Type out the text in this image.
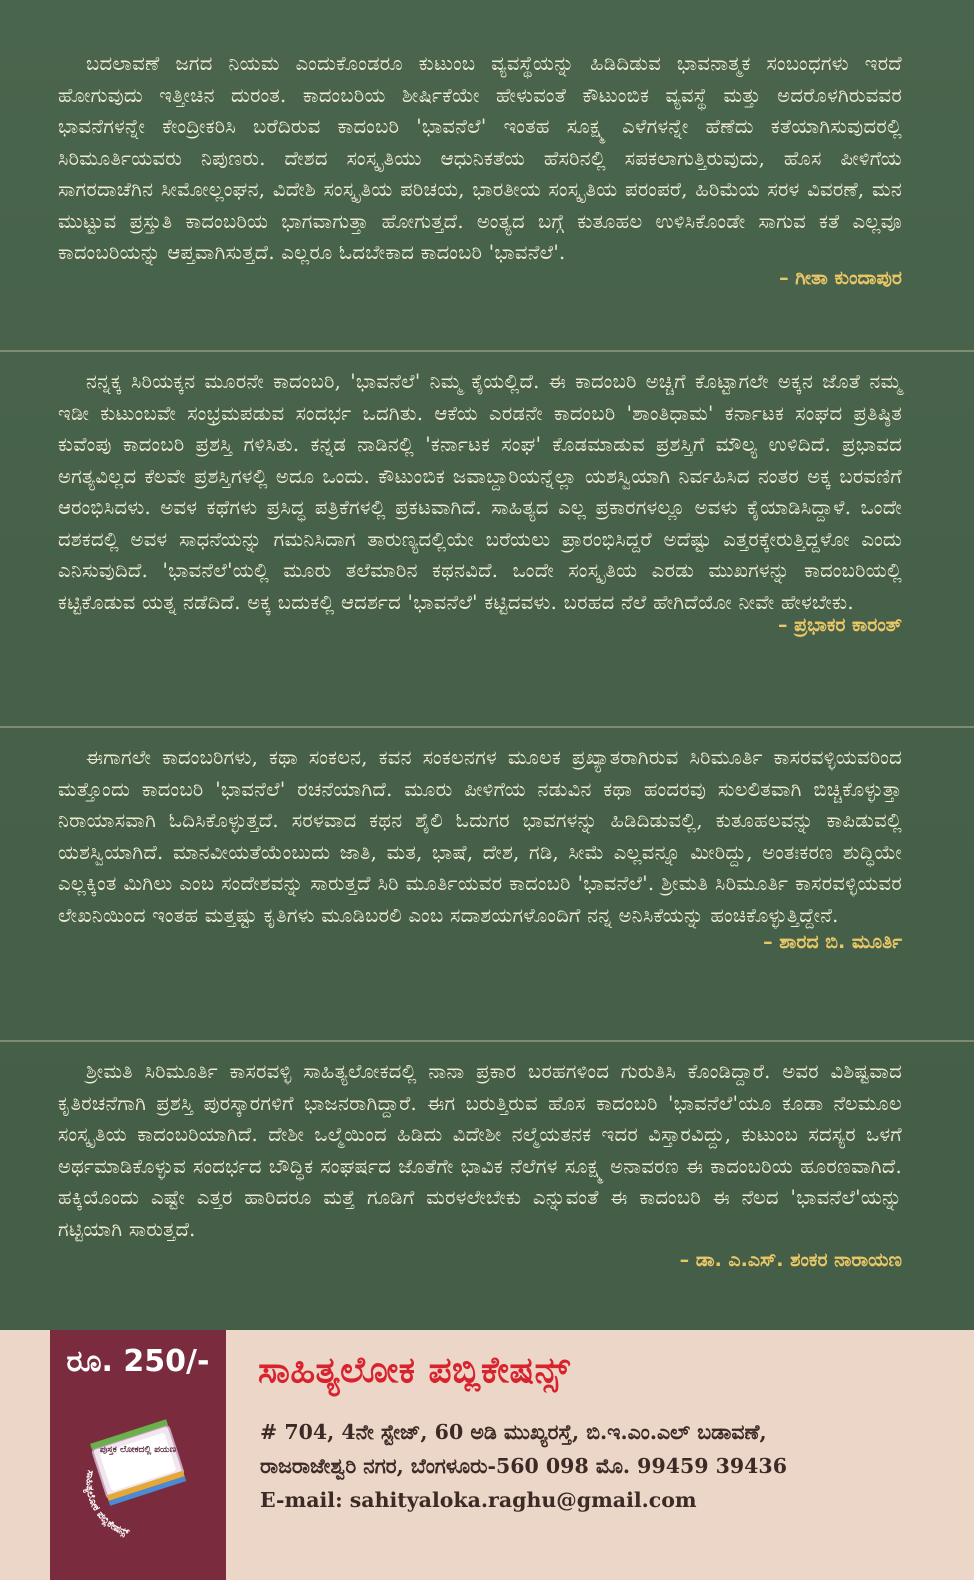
ಬದಲಾವಣೆ ಜಗದ ನಿಯಮ ಎಂದುಕೊಂಡರೂ ಕುಟುಂಬ ವ್ಯವಸ್ಥೆಯನ್ನು ಹಿಡಿದಿಡುವ ಭಾವನಾತ್ಮಕ ಸಂಬಂಧಗಳು ಇರದೆ ಹೋಗುವುದು ಇತ್ತೀಚಿನ ದುರಂತ. ಕಾದಂಬರಿಯ ಶೀರ್ಷಿಕೆಯೇ ಹೇಳುವಂತೆ ಕೌಟುಂಬಿಕ ವ್ಯವಸ್ಥೆ ಮತ್ತು ಅದರೊಳಗಿರುವವರ ಭಾವನೆಗಳನ್ನೇ ಕೇಂದ್ರೀಕರಿಸಿ ಬರೆದಿರುವ ಕಾದಂಬರಿ 'ಭಾವನೆಲೆ' ಇಂತಹ ಸೂಕ್ಷ್ಮ ಎಳೆಗಳನ್ನೇ ಹೆಣೆದು ಕತೆಯಾಗಿಸುವುದರಲ್ಲಿ ಸಿರಿಮೂರ್ತಿಯವರು ನಿಪುಣರು. ದೇಶದ ಸಂಸ್ಕೃತಿಯು ಆಧುನಿಕತೆಯ ಹೆಸರಿನಲ್ಲಿ ಸಪಕಲಾಗುತ್ತಿರುವುದು, ಹೊಸ ಪೀಳಿಗೆಯ ಸಾಗರದಾಚೆಗಿನ ಸೀಮೋಲ್ಲಂಘನ, ವಿದೇಶಿ ಸಂಸ್ಕೃತಿಯ ಪರಿಚಯ, ಭಾರತೀಯ ಸಂಸ್ಕೃತಿಯ ಪರಂಪರೆ, ಹಿರಿಮೆಯ ಸರಳ ವಿವರಣೆ, ಮನ ಮುಟ್ಟುವ ಪ್ರಸ್ತುತಿ ಕಾದಂಬರಿಯ ಭಾಗವಾಗುತ್ತಾ ಹೋಗುತ್ತದೆ. ಅಂತ್ಯದ ಬಗ್ಗೆ ಕುತೂಹಲ ಉಳಿಸಿಕೊಂಡೇ ಸಾಗುವ ಕತೆ ಎಲ್ಲವೂ ಕಾದಂಬರಿಯನ್ನು ಆಪ್ತವಾಗಿಸುತ್ತದೆ. ಎಲ್ಲರೂ ಓದಬೇಕಾದ ಕಾದಂಬರಿ 'ಭಾವನೆಲೆ'.

– ಗೀತಾ ಕುಂದಾಪುರ

ನನ್ನಕ್ಕ ಸಿರಿಯಕ್ಕನ ಮೂರನೇ ಕಾದಂಬರಿ, 'ಭಾವನೆಲೆ' ನಿಮ್ಮ ಕೈಯಲ್ಲಿದೆ. ಈ ಕಾದಂಬರಿ ಅಚ್ಚಿಗೆ ಕೊಟ್ಟಾಗಲೇ ಅಕ್ಕನ ಜೊತೆ ನಮ್ಮ ಇಡೀ ಕುಟುಂಬವೇ ಸಂಭ್ರಮಪಡುವ ಸಂದರ್ಭ ಒದಗಿತು. ಆಕೆಯ ಎರಡನೇ ಕಾದಂಬರಿ 'ಶಾಂತಿಧಾಮ' ಕರ್ನಾಟಕ ಸಂಘದ ಪ್ರತಿಷ್ಠಿತ ಕುವೆಂಪು ಕಾದಂಬರಿ ಪ್ರಶಸ್ತಿ ಗಳಿಸಿತು. ಕನ್ನಡ ನಾಡಿನಲ್ಲಿ 'ಕರ್ನಾಟಕ ಸಂಘ' ಕೊಡಮಾಡುವ ಪ್ರಶಸ್ತಿಗೆ ಮೌಲ್ಯ ಉಳಿದಿದೆ. ಪ್ರಭಾವದ ಅಗತ್ಯವಿಲ್ಲದ ಕೆಲವೇ ಪ್ರಶಸ್ತಿಗಳಲ್ಲಿ ಅದೂ ಒಂದು. ಕೌಟುಂಬಿಕ ಜವಾಬ್ದಾರಿಯನ್ನೆಲ್ಲಾ ಯಶಸ್ವಿಯಾಗಿ ನಿರ್ವಹಿಸಿದ ನಂತರ ಅಕ್ಕ ಬರವಣಿಗೆ ಆರಂಭಿಸಿದಳು. ಅವಳ ಕಥೆಗಳು ಪ್ರಸಿದ್ಧ ಪತ್ರಿಕೆಗಳಲ್ಲಿ ಪ್ರಕಟವಾಗಿದೆ. ಸಾಹಿತ್ಯದ ಎಲ್ಲ ಪ್ರಕಾರಗಳಲ್ಲೂ ಅವಳು ಕೈಯಾಡಿಸಿದ್ದಾಳೆ. ಒಂದೇ ದಶಕದಲ್ಲಿ ಅವಳ ಸಾಧನೆಯನ್ನು ಗಮನಿಸಿದಾಗ ತಾರುಣ್ಯದಲ್ಲಿಯೇ ಬರೆಯಲು ಪ್ರಾರಂಭಿಸಿದ್ದರೆ ಅದೆಷ್ಟು ಎತ್ತರಕ್ಕೇರುತ್ತಿದ್ದಳೋ ಎಂದು ಎನಿಸುವುದಿದೆ. 'ಭಾವನೆಲೆ'ಯಲ್ಲಿ ಮೂರು ತಲೆಮಾರಿನ ಕಥನವಿದೆ. ಒಂದೇ ಸಂಸ್ಕೃತಿಯ ಎರಡು ಮುಖಗಳನ್ನು ಕಾದಂಬರಿಯಲ್ಲಿ ಕಟ್ಟಿಕೊಡುವ ಯತ್ನ ನಡೆದಿದೆ. ಅಕ್ಕ ಬದುಕಲ್ಲಿ ಆದರ್ಶದ 'ಭಾವನೆಲೆ' ಕಟ್ಟಿದವಳು. ಬರಹದ ನೆಲೆ ಹೇಗಿದೆಯೋ ನೀವೇ ಹೇಳಬೇಕು.

– ಪ್ರಭಾಕರ ಕಾರಂತ್

ಈಗಾಗಲೇ ಕಾದಂಬರಿಗಳು, ಕಥಾ ಸಂಕಲನ, ಕವನ ಸಂಕಲನಗಳ ಮೂಲಕ ಪ್ರಖ್ಯಾತರಾಗಿರುವ ಸಿರಿಮೂರ್ತಿ ಕಾಸರವಳ್ಳಿಯವರಿಂದ ಮತ್ತೊಂದು ಕಾದಂಬರಿ 'ಭಾವನೆಲೆ' ರಚನೆಯಾಗಿದೆ. ಮೂರು ಪೀಳಿಗೆಯ ನಡುವಿನ ಕಥಾ ಹಂದರವು ಸುಲಲಿತವಾಗಿ ಬಿಚ್ಚಿಕೊಳ್ಳುತ್ತಾ ನಿರಾಯಾಸವಾಗಿ ಓದಿಸಿಕೊಳ್ಳುತ್ತದೆ. ಸರಳವಾದ ಕಥನ ಶೈಲಿ ಓದುಗರ ಭಾವಗಳನ್ನು ಹಿಡಿದಿಡುವಲ್ಲಿ, ಕುತೂಹಲವನ್ನು ಕಾಪಿಡುವಲ್ಲಿ ಯಶಸ್ವಿಯಾಗಿದೆ. ಮಾನವೀಯತೆಯೆಂಬುದು ಜಾತಿ, ಮತ, ಭಾಷೆ, ದೇಶ, ಗಡಿ, ಸೀಮೆ ಎಲ್ಲವನ್ನೂ ಮೀರಿದ್ದು, ಅಂತಃಕರಣ ಶುದ್ಧಿಯೇ ಎಲ್ಲಕ್ಕಿಂತ ಮಿಗಿಲು ಎಂಬ ಸಂದೇಶವನ್ನು ಸಾರುತ್ತದೆ ಸಿರಿ ಮೂರ್ತಿಯವರ ಕಾದಂಬರಿ 'ಭಾವನೆಲೆ'. ಶ್ರೀಮತಿ ಸಿರಿಮೂರ್ತಿ ಕಾಸರವಳ್ಳಿಯವರ ಲೇಖನಿಯಿಂದ ಇಂತಹ ಮತ್ತಷ್ಟು ಕೃತಿಗಳು ಮೂಡಿಬರಲಿ ಎಂಬ ಸದಾಶಯಗಳೊಂದಿಗೆ ನನ್ನ ಅನಿಸಿಕೆಯನ್ನು ಹಂಚಿಕೊಳ್ಳುತ್ತಿದ್ದೇನೆ.

– ಶಾರದ ಬಿ. ಮೂರ್ತಿ

ಶ್ರೀಮತಿ ಸಿರಿಮೂರ್ತಿ ಕಾಸರವಳ್ಳಿ ಸಾಹಿತ್ಯಲೋಕದಲ್ಲಿ ನಾನಾ ಪ್ರಕಾರ ಬರಹಗಳಿಂದ ಗುರುತಿಸಿ ಕೊಂಡಿದ್ದಾರೆ. ಅವರ ವಿಶಿಷ್ಟವಾದ ಕೃತಿರಚನೆಗಾಗಿ ಪ್ರಶಸ್ತಿ ಪುರಸ್ಕಾರಗಳಿಗೆ ಭಾಜನರಾಗಿದ್ದಾರೆ. ಈಗ ಬರುತ್ತಿರುವ ಹೊಸ ಕಾದಂಬರಿ 'ಭಾವನೆಲೆ'ಯೂ ಕೂಡಾ ನೆಲಮೂಲ ಸಂಸ್ಕೃತಿಯ ಕಾದಂಬರಿಯಾಗಿದೆ. ದೇಶೀ ಒಲ್ಮೆಯಿಂದ ಹಿಡಿದು ವಿದೇಶೀ ನಲ್ಮೆಯತನಕ ಇದರ ವಿಸ್ತಾರವಿದ್ದು, ಕುಟುಂಬ ಸದಸ್ಯರ ಒಳಗೆ ಅರ್ಥಮಾಡಿಕೊಳ್ಳುವ ಸಂದರ್ಭದ ಬೌದ್ಧಿಕ ಸಂಘರ್ಷದ ಜೊತೆಗೇ ಭಾವಿಕ ನೆಲೆಗಳ ಸೂಕ್ಷ್ಮ ಅನಾವರಣ ಈ ಕಾದಂಬರಿಯ ಹೂರಣವಾಗಿದೆ. ಹಕ್ಕಿಯೊಂದು ಎಷ್ಟೇ ಎತ್ತರ ಹಾರಿದರೂ ಮತ್ತೆ ಗೂಡಿಗೆ ಮರಳಲೇಬೇಕು ಎನ್ನುವಂತೆ ಈ ಕಾದಂಬರಿ ಈ ನೆಲದ 'ಭಾವನೆಲೆ'ಯನ್ನು ಗಟ್ಟಿಯಾಗಿ ಸಾರುತ್ತದೆ.

– ಡಾ. ಎ.ಎಸ್. ಶಂಕರ ನಾರಾಯಣ

ರೂ. 250/-
ಪುಸ್ತಕ ಲೋಕದಲ್ಲಿ ಪಯಣ
ಸಾಹಿತ್ಯಲೋಕ ಪಬ್ಲಿಕೇಷನ್ಸ್
ಸಾಹಿತ್ಯಲೋಕ ಪಬ್ಲಿಕೇಷನ್ಸ್
# 704, 4ನೇ ಸ್ಟೇಜ್, 60 ಅಡಿ ಮುಖ್ಯರಸ್ತೆ, ಬಿ.ಇ.ಎಂ.ಎಲ್ ಬಡಾವಣೆ,
ರಾಜರಾಜೇಶ್ವರಿ ನಗರ, ಬೆಂಗಳೂರು-560 098 ಮೊ. 99459 39436
E-mail: sahityaloka.raghu@gmail.com
